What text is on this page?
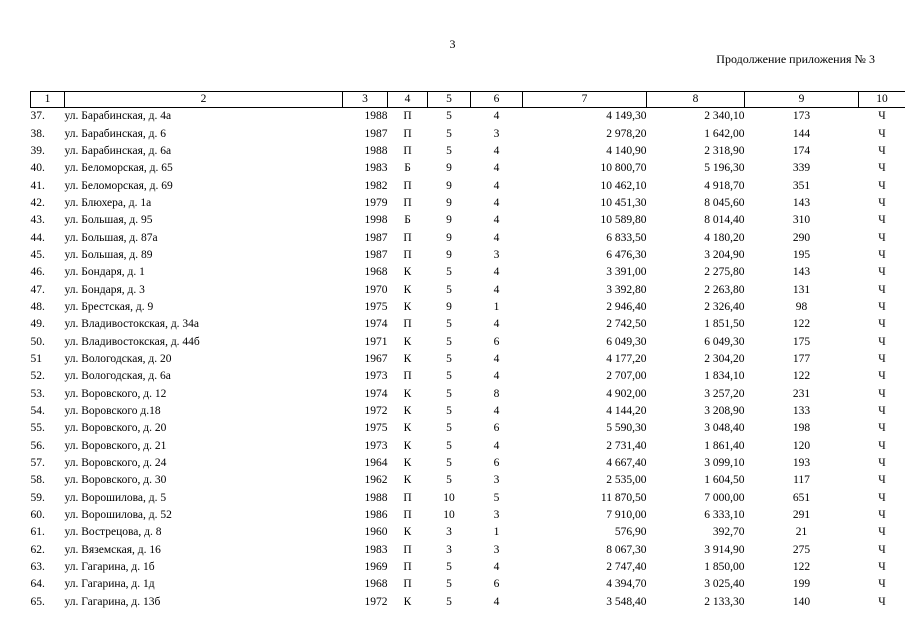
3
Продолжение приложения № 3
1	2	3	4	5	6	7	8	9	10
37.	ул. Барабинская, д. 4а	1988	П	5	4	4 149,30	2 340,10	173	Ч
38.	ул. Барабинская, д. 6	1987	П	5	3	2 978,20	1 642,00	144	Ч
39.	ул. Барабинская, д. 6а	1988	П	5	4	4 140,90	2 318,90	174	Ч
40.	ул. Беломорская, д. 65	1983	Б	9	4	10 800,70	5 196,30	339	Ч
41.	ул. Беломорская, д. 69	1982	П	9	4	10 462,10	4 918,70	351	Ч
42.	ул. Блюхера, д. 1а	1979	П	9	4	10 451,30	8 045,60	143	Ч
43.	ул. Большая, д. 95	1998	Б	9	4	10 589,80	8 014,40	310	Ч
44.	ул. Большая, д. 87а	1987	П	9	4	6 833,50	4 180,20	290	Ч
45.	ул. Большая, д. 89	1987	П	9	3	6 476,30	3 204,90	195	Ч
46.	ул. Бондаря, д. 1	1968	К	5	4	3 391,00	2 275,80	143	Ч
47.	ул. Бондаря, д. 3	1970	К	5	4	3 392,80	2 263,80	131	Ч
48.	ул. Брестская, д. 9	1975	К	9	1	2 946,40	2 326,40	98	Ч
49.	ул. Владивостокская, д. 34а	1974	П	5	4	2 742,50	1 851,50	122	Ч
50.	ул. Владивостокская, д. 44б	1971	К	5	6	6 049,30	6 049,30	175	Ч
51	ул. Вологодская, д. 20	1967	К	5	4	4 177,20	2 304,20	177	Ч
52.	ул. Вологодская, д. 6а	1973	П	5	4	2 707,00	1 834,10	122	Ч
53.	ул. Воровского, д. 12	1974	К	5	8	4 902,00	3 257,20	231	Ч
54.	ул. Воровского д.18	1972	К	5	4	4 144,20	3 208,90	133	Ч
55.	ул. Воровского, д. 20	1975	К	5	6	5 590,30	3 048,40	198	Ч
56.	ул. Воровского, д. 21	1973	К	5	4	2 731,40	1 861,40	120	Ч
57.	ул. Воровского, д. 24	1964	К	5	6	4 667,40	3 099,10	193	Ч
58.	ул. Воровского, д. 30	1962	К	5	3	2 535,00	1 604,50	117	Ч
59.	ул. Ворошилова, д. 5	1988	П	10	5	11 870,50	7 000,00	651	Ч
60.	ул. Ворошилова, д. 52	1986	П	10	3	7 910,00	6 333,10	291	Ч
61.	ул. Вострецова, д. 8	1960	К	3	1	576,90	392,70	21	Ч
62.	ул. Вяземская, д. 16	1983	П	3	3	8 067,30	3 914,90	275	Ч
63.	ул. Гагарина, д. 1б	1969	П	5	4	2 747,40	1 850,00	122	Ч
64.	ул. Гагарина, д. 1д	1968	П	5	6	4 394,70	3 025,40	199	Ч
65.	ул. Гагарина, д. 13б	1972	К	5	4	3 548,40	2 133,30	140	Ч
